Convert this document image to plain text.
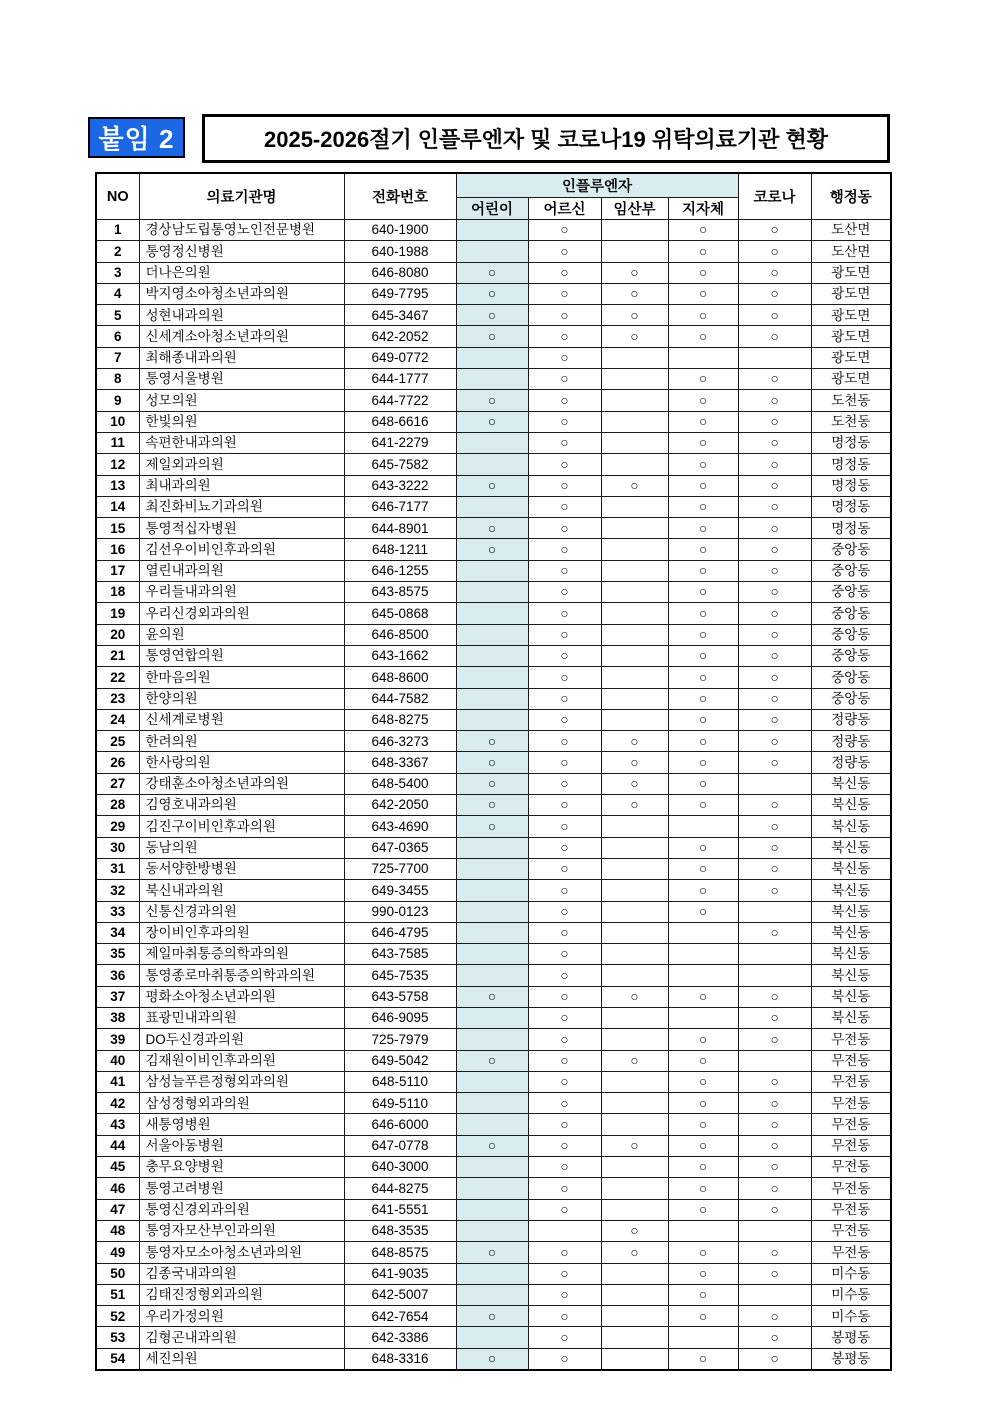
붙임 2	2025-2026절기 인플루엔자 및 코로나19 위탁의료기관 현황
NO	의료기관명	전화번호	인플루엔자				코로나	행정동
			어린이	어르신	임산부	지자체		
1	경상남도립통영노인전문병원	640-1900		○		○	○	도산면
2	통영정신병원	640-1988		○		○	○	도산면
3	더나은의원	646-8080	○	○	○	○	○	광도면
4	박지영소아청소년과의원	649-7795	○	○	○	○	○	광도면
5	성현내과의원	645-3467	○	○	○	○	○	광도면
6	신세계소아청소년과의원	642-2052	○	○	○	○	○	광도면
7	최해종내과의원	649-0772		○				광도면
8	통영서울병원	644-1777		○		○	○	광도면
9	성모의원	644-7722	○	○		○	○	도천동
10	한빛의원	648-6616	○	○		○	○	도천동
11	속편한내과의원	641-2279		○		○	○	명정동
12	제일외과의원	645-7582		○		○	○	명정동
13	최내과의원	643-3222	○	○	○	○	○	명정동
14	최진화비뇨기과의원	646-7177		○		○	○	명정동
15	통영적십자병원	644-8901	○	○		○	○	명정동
16	김선우이비인후과의원	648-1211	○	○		○	○	중앙동
17	열린내과의원	646-1255		○		○	○	중앙동
18	우리들내과의원	643-8575		○		○	○	중앙동
19	우리신경외과의원	645-0868		○		○	○	중앙동
20	윤의원	646-8500		○		○	○	중앙동
21	통영연합의원	643-1662		○		○	○	중앙동
22	한마음의원	648-8600		○		○	○	중앙동
23	한양의원	644-7582		○		○	○	중앙동
24	신세계로병원	648-8275		○		○	○	정량동
25	한려의원	646-3273	○	○	○	○	○	정량동
26	한사랑의원	648-3367	○	○	○	○	○	정량동
27	강태훈소아청소년과의원	648-5400	○	○	○	○		북신동
28	김영호내과의원	642-2050	○	○	○	○	○	북신동
29	김진구이비인후과의원	643-4690	○	○			○	북신동
30	동남의원	647-0365		○		○	○	북신동
31	동서양한방병원	725-7700		○		○	○	북신동
32	북신내과의원	649-3455		○		○	○	북신동
33	신통신경과의원	990-0123		○		○		북신동
34	장이비인후과의원	646-4795		○			○	북신동
35	제일마취통증의학과의원	643-7585		○				북신동
36	통영종로마취통증의학과의원	645-7535		○				북신동
37	평화소아청소년과의원	643-5758	○	○	○	○	○	북신동
38	표광민내과의원	646-9095		○			○	북신동
39	DO두신경과의원	725-7979		○		○	○	무전동
40	김재원이비인후과의원	649-5042	○	○	○	○		무전동
41	삼성늘푸른정형외과의원	648-5110		○		○	○	무전동
42	삼성정형외과의원	649-5110		○		○	○	무전동
43	새통영병원	646-6000		○		○	○	무전동
44	서울아동병원	647-0778	○	○	○	○	○	무전동
45	충무요양병원	640-3000		○		○	○	무전동
46	통영고려병원	644-8275		○		○	○	무전동
47	통영신경외과의원	641-5551		○		○	○	무전동
48	통영자모산부인과의원	648-3535			○			무전동
49	통영자모소아청소년과의원	648-8575	○	○	○	○	○	무전동
50	김종국내과의원	641-9035		○		○	○	미수동
51	김태진정형외과의원	642-5007		○		○		미수동
52	우리가정의원	642-7654	○	○		○	○	미수동
53	김형곤내과의원	642-3386		○			○	봉평동
54	세진의원	648-3316	○	○		○	○	봉평동
